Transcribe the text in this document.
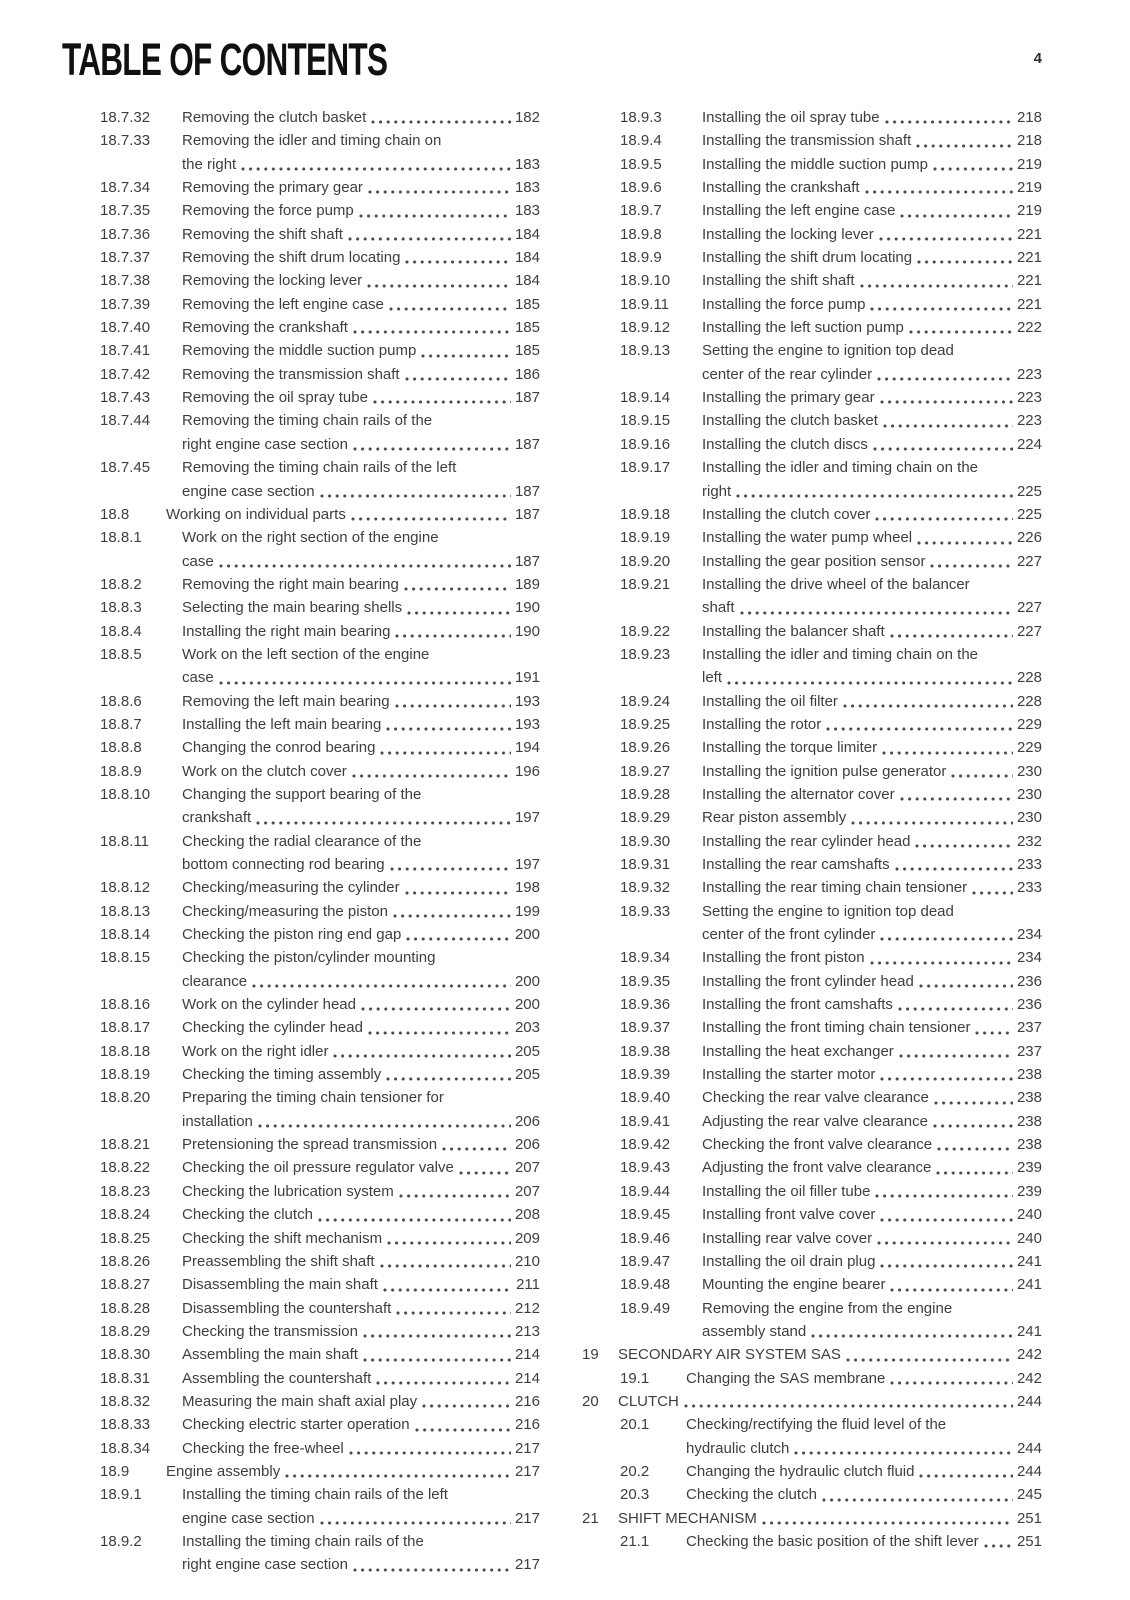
TABLE OF CONTENTS	4
18.7.32	Removing the clutch basket	182
18.7.33	Removing the idler and timing chain on
the right	183
18.7.34	Removing the primary gear	183
18.7.35	Removing the force pump	183
18.7.36	Removing the shift shaft	184
18.7.37	Removing the shift drum locating	184
18.7.38	Removing the locking lever	184
18.7.39	Removing the left engine case	185
18.7.40	Removing the crankshaft	185
18.7.41	Removing the middle suction pump	185
18.7.42	Removing the transmission shaft	186
18.7.43	Removing the oil spray tube	187
18.7.44	Removing the timing chain rails of the
right engine case section	187
18.7.45	Removing the timing chain rails of the left
engine case section	187
18.8	Working on individual parts	187
18.8.1	Work on the right section of the engine
case	187
18.8.2	Removing the right main bearing	189
18.8.3	Selecting the main bearing shells	190
18.8.4	Installing the right main bearing	190
18.8.5	Work on the left section of the engine
case	191
18.8.6	Removing the left main bearing	193
18.8.7	Installing the left main bearing	193
18.8.8	Changing the conrod bearing	194
18.8.9	Work on the clutch cover	196
18.8.10	Changing the support bearing of the
crankshaft	197
18.8.11	Checking the radial clearance of the
bottom connecting rod bearing	197
18.8.12	Checking/measuring the cylinder	198
18.8.13	Checking/measuring the piston	199
18.8.14	Checking the piston ring end gap	200
18.8.15	Checking the piston/cylinder mounting
clearance	200
18.8.16	Work on the cylinder head	200
18.8.17	Checking the cylinder head	203
18.8.18	Work on the right idler	205
18.8.19	Checking the timing assembly	205
18.8.20	Preparing the timing chain tensioner for
installation	206
18.8.21	Pretensioning the spread transmission	206
18.8.22	Checking the oil pressure regulator valve	207
18.8.23	Checking the lubrication system	207
18.8.24	Checking the clutch	208
18.8.25	Checking the shift mechanism	209
18.8.26	Preassembling the shift shaft	210
18.8.27	Disassembling the main shaft	211
18.8.28	Disassembling the countershaft	212
18.8.29	Checking the transmission	213
18.8.30	Assembling the main shaft	214
18.8.31	Assembling the countershaft	214
18.8.32	Measuring the main shaft axial play	216
18.8.33	Checking electric starter operation	216
18.8.34	Checking the free-wheel	217
18.9	Engine assembly	217
18.9.1	Installing the timing chain rails of the left
engine case section	217
18.9.2	Installing the timing chain rails of the
right engine case section	217
18.9.3	Installing the oil spray tube	218
18.9.4	Installing the transmission shaft	218
18.9.5	Installing the middle suction pump	219
18.9.6	Installing the crankshaft	219
18.9.7	Installing the left engine case	219
18.9.8	Installing the locking lever	221
18.9.9	Installing the shift drum locating	221
18.9.10	Installing the shift shaft	221
18.9.11	Installing the force pump	221
18.9.12	Installing the left suction pump	222
18.9.13	Setting the engine to ignition top dead
center of the rear cylinder	223
18.9.14	Installing the primary gear	223
18.9.15	Installing the clutch basket	223
18.9.16	Installing the clutch discs	224
18.9.17	Installing the idler and timing chain on the
right	225
18.9.18	Installing the clutch cover	225
18.9.19	Installing the water pump wheel	226
18.9.20	Installing the gear position sensor	227
18.9.21	Installing the drive wheel of the balancer
shaft	227
18.9.22	Installing the balancer shaft	227
18.9.23	Installing the idler and timing chain on the
left	228
18.9.24	Installing the oil filter	228
18.9.25	Installing the rotor	229
18.9.26	Installing the torque limiter	229
18.9.27	Installing the ignition pulse generator	230
18.9.28	Installing the alternator cover	230
18.9.29	Rear piston assembly	230
18.9.30	Installing the rear cylinder head	232
18.9.31	Installing the rear camshafts	233
18.9.32	Installing the rear timing chain tensioner	233
18.9.33	Setting the engine to ignition top dead
center of the front cylinder	234
18.9.34	Installing the front piston	234
18.9.35	Installing the front cylinder head	236
18.9.36	Installing the front camshafts	236
18.9.37	Installing the front timing chain tensioner	237
18.9.38	Installing the heat exchanger	237
18.9.39	Installing the starter motor	238
18.9.40	Checking the rear valve clearance	238
18.9.41	Adjusting the rear valve clearance	238
18.9.42	Checking the front valve clearance	238
18.9.43	Adjusting the front valve clearance	239
18.9.44	Installing the oil filler tube	239
18.9.45	Installing front valve cover	240
18.9.46	Installing rear valve cover	240
18.9.47	Installing the oil drain plug	241
18.9.48	Mounting the engine bearer	241
18.9.49	Removing the engine from the engine
assembly stand	241
19	SECONDARY AIR SYSTEM SAS	242
19.1	Changing the SAS membrane	242
20	CLUTCH	244
20.1	Checking/rectifying the fluid level of the
hydraulic clutch	244
20.2	Changing the hydraulic clutch fluid	244
20.3	Checking the clutch	245
21	SHIFT MECHANISM	251
21.1	Checking the basic position of the shift lever	251
